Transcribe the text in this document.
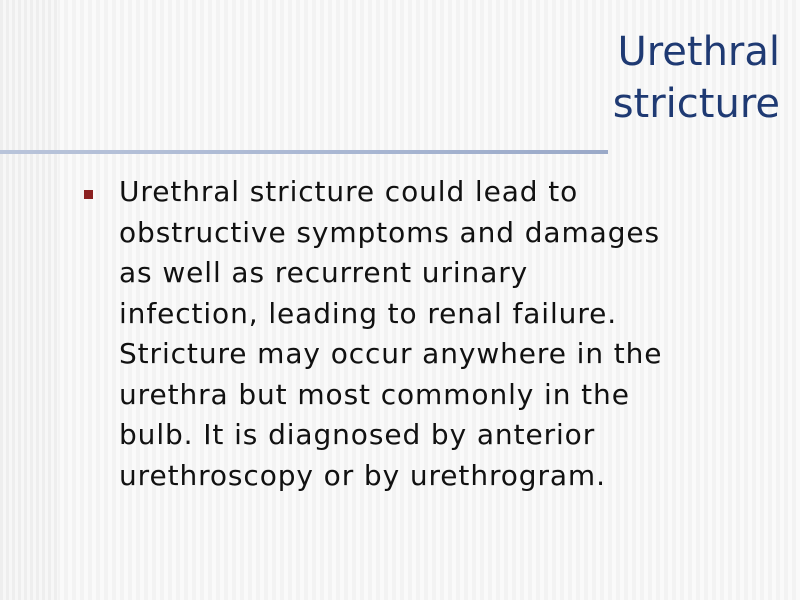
Urethral
stricture

Urethral stricture could lead to
obstructive symptoms and damages
as well as recurrent urinary
infection, leading to renal failure.
Stricture may occur anywhere in the
urethra but most commonly in the
bulb. It is diagnosed by anterior
urethroscopy or by urethrogram.
